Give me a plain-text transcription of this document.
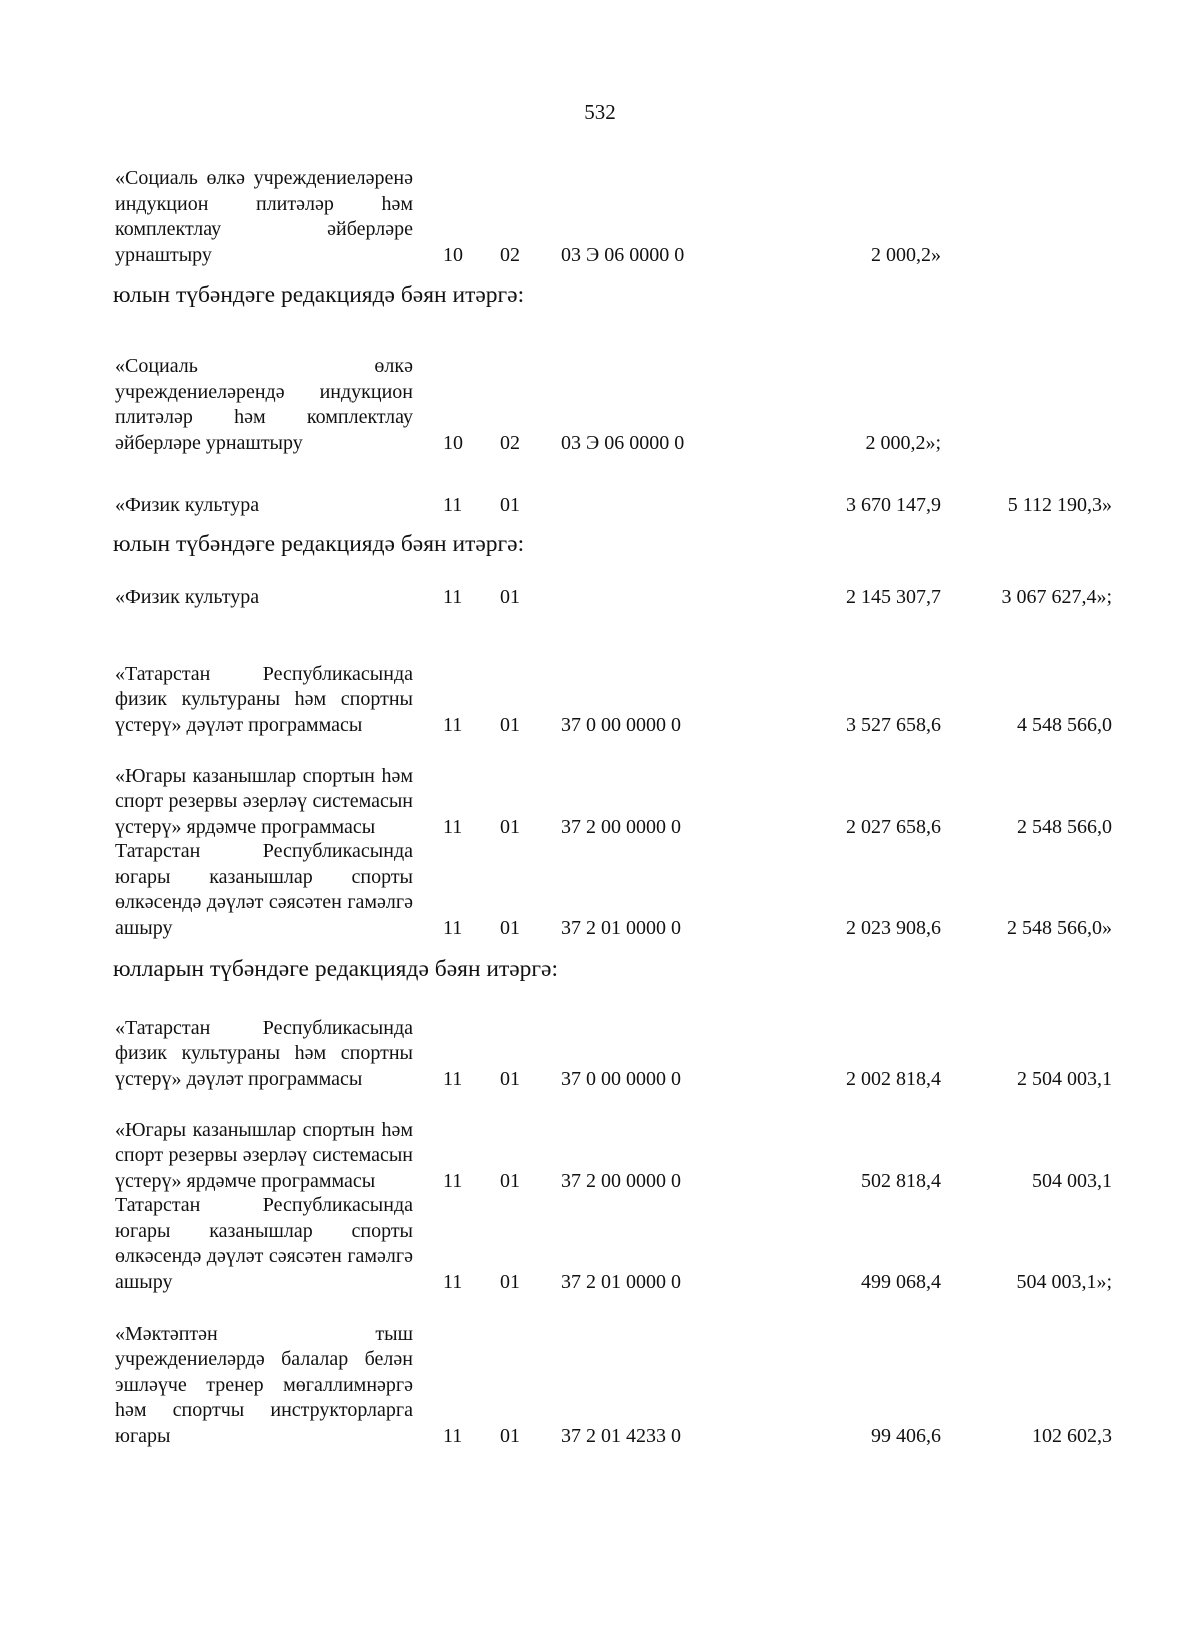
532
«Социаль өлкә учреждениеләренә индукцион плитәләр һәм комплектлау әйберләре урнаштыру	10 02 03 Э 06 0000 0	2 000,2»
юлын түбәндәге редакциядә бәян итәргә:
«Социаль өлкә учреждениеләрендә индукцион плитәләр һәм комплектлау әйберләре урнаштыру	10 02 03 Э 06 0000 0	2 000,2»;
«Физик культура	11 01	3 670 147,9	5 112 190,3»
юлын түбәндәге редакциядә бәян итәргә:
«Физик культура	11 01	2 145 307,7	3 067 627,4»;
«Татарстан Республикасында физик культураны һәм спортны үстерү» дәүләт программасы	11 01 37 0 00 0000 0	3 527 658,6	4 548 566,0
«Югары казанышлар спортын һәм спорт резервы әзерләү системасын үстерү» ярдәмче программасы	11 01 37 2 00 0000 0	2 027 658,6	2 548 566,0
Татарстан Республикасында югары казанышлар спорты өлкәсендә дәүләт сәясәтен гамәлгә ашыру	11 01 37 2 01 0000 0	2 023 908,6	2 548 566,0»
юлларын түбәндәге редакциядә бәян итәргә:
«Татарстан Республикасында физик культураны һәм спортны үстерү» дәүләт программасы	11 01 37 0 00 0000 0	2 002 818,4	2 504 003,1
«Югары казанышлар спортын һәм спорт резервы әзерләү системасын үстерү» ярдәмче программасы	11 01 37 2 00 0000 0	502 818,4	504 003,1
Татарстан Республикасында югары казанышлар спорты өлкәсендә дәүләт сәясәтен гамәлгә ашыру	11 01 37 2 01 0000 0	499 068,4	504 003,1»;
«Мәктәптән тыш учреждениеләрдә балалар белән эшләүче тренер мөгаллимнәргә һәм спортчы инструкторларга югары	11 01 37 2 01 4233 0	99 406,6	102 602,3
